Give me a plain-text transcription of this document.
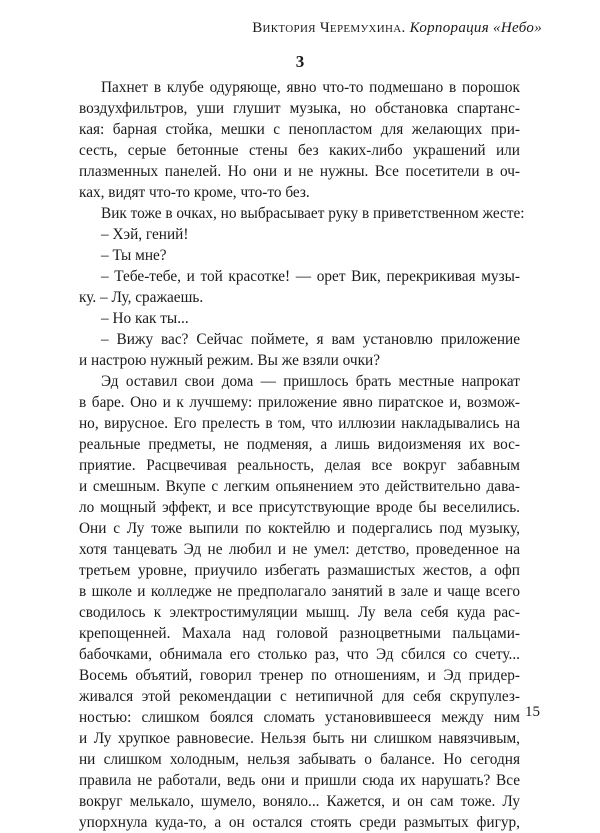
Виктория Черемухина. Корпорация «Небо»
3
Пахнет в клубе одуряюще, явно что-то подмешано в порошок
воздухфильтров, уши глушит музыка, но обстановка спартанс-
кая: барная стойка, мешки с пенопластом для желающих при-
сесть, серые бетонные стены без каких-либо украшений или
плазменных панелей. Но они и не нужны. Все посетители в оч-
ках, видят что-то кроме, что-то без.
Вик тоже в очках, но выбрасывает руку в приветственном жесте:
– Хэй, гений!
– Ты мне?
– Тебе-тебе, и той красотке! — орет Вик, перекрикивая музы-
ку. – Лу, сражаешь.
– Но как ты...
– Вижу вас? Сейчас поймете, я вам установлю приложение
и настрою нужный режим. Вы же взяли очки?
Эд оставил свои дома — пришлось брать местные напрокат
в баре. Оно и к лучшему: приложение явно пиратское и, возмож-
но, вирусное. Его прелесть в том, что иллюзии накладывались на
реальные предметы, не подменяя, а лишь видоизменяя их вос-
приятие. Расцвечивая реальность, делая все вокруг забавным
и смешным. Вкупе с легким опьянением это действительно дава-
ло мощный эффект, и все присутствующие вроде бы веселились.
Они с Лу тоже выпили по коктейлю и подергались под музыку,
хотя танцевать Эд не любил и не умел: детство, проведенное на
третьем уровне, приучило избегать размашистых жестов, а офп
в школе и колледже не предполагало занятий в зале и чаще всего
сводилось к электростимуляции мышц. Лу вела себя куда рас-
крепощенней. Махала над головой разноцветными пальцами-
бабочками, обнимала его столько раз, что Эд сбился со счету...
Восемь объятий, говорил тренер по отношениям, и Эд придер-
живался этой рекомендации с нетипичной для себя скрупулез-
ностью: слишком боялся сломать установившееся между ним
и Лу хрупкое равновесие. Нельзя быть ни слишком навязчивым,
ни слишком холодным, нельзя забывать о балансе. Но сегодня
правила не работали, ведь они и пришли сюда их нарушать? Все
вокруг мелькало, шумело, воняло... Кажется, и он сам тоже. Лу
упорхнула куда-то, а он остался стоять среди размытых фигур,
15
